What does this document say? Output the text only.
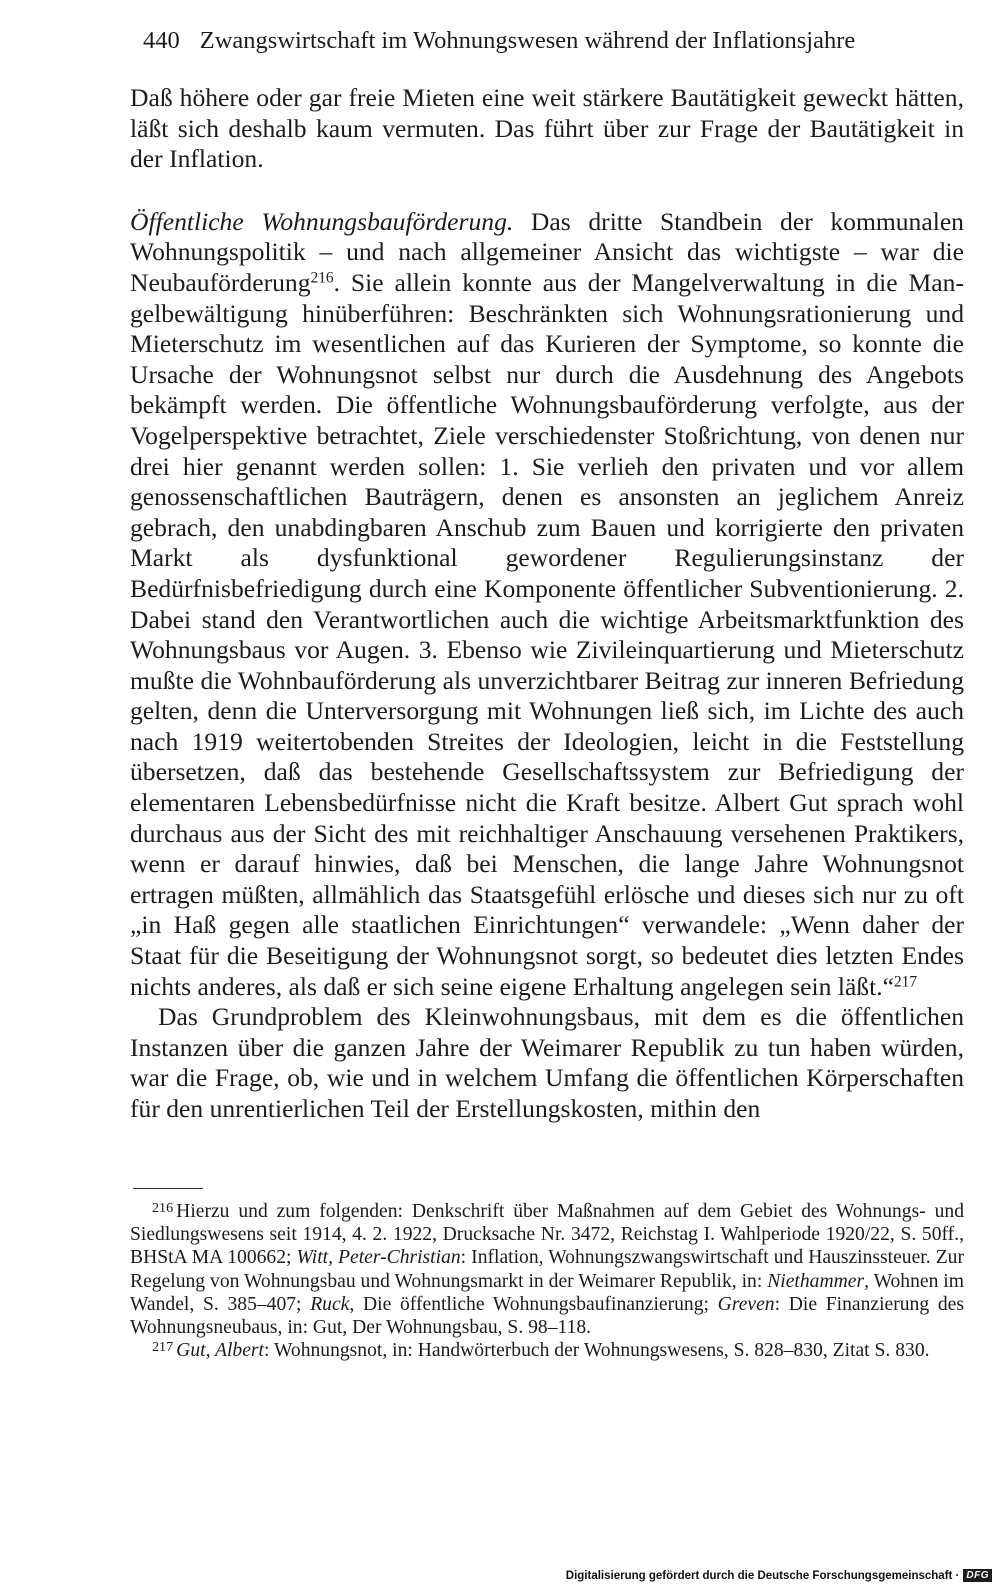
440 Zwangswirtschaft im Wohnungswesen während der Inflationsjahre

Daß höhere oder gar freie Mieten eine weit stärkere Bautätigkeit geweckt hätten, läßt sich deshalb kaum vermuten. Das führt über zur Frage der Bautätigkeit in der Inflation.

Öffentliche Wohnungsbauförderung. Das dritte Standbein der kommunalen Wohnungspolitik – und nach allgemeiner Ansicht das wichtigste – war die Neubauförderung$^{216}$. Sie allein konnte aus der Mangelverwaltung in die Mangelbewältigung hinüberführen: Beschränkten sich Wohnungsrationierung und Mieterschutz im wesentlichen auf das Kurieren der Symptome, so konnte die Ursache der Wohnungsnot selbst nur durch die Ausdehnung des Angebots bekämpft werden. Die öffentliche Wohnungsbauförderung verfolgte, aus der Vogelperspektive betrachtet, Ziele verschiedenster Stoßrichtung, von denen nur drei hier genannt werden sollen: 1. Sie verlieh den privaten und vor allem genossenschaftlichen Bauträgern, denen es ansonsten an jeglichem Anreiz gebrach, den unabdingbaren Anschub zum Bauen und korrigierte den privaten Markt als dysfunktional gewordener Regulierungsinstanz der Bedürfnisbefriedigung durch eine Komponente öffentlicher Subventionierung. 2. Dabei stand den Verantwortlichen auch die wichtige Arbeitsmarktfunktion des Wohnungsbaus vor Augen. 3. Ebenso wie Zivileinquartierung und Mieterschutz mußte die Wohnbauförderung als unverzichtbarer Beitrag zur inneren Befriedung gelten, denn die Unterversorgung mit Wohnungen ließ sich, im Lichte des auch nach 1919 weitertobenden Streites der Ideologien, leicht in die Feststellung übersetzen, daß das bestehende Gesellschaftssystem zur Befriedigung der elementaren Lebensbedürfnisse nicht die Kraft besitze. Albert Gut sprach wohl durchaus aus der Sicht des mit reichhaltiger Anschauung versehenen Praktikers, wenn er darauf hinwies, daß bei Menschen, die lange Jahre Wohnungsnot ertragen müßten, allmählich das Staatsgefühl erlösche und dieses sich nur zu oft „in Haß gegen alle staatlichen Einrichtungen“ verwandele: „Wenn daher der Staat für die Beseitigung der Wohnungsnot sorgt, so bedeutet dies letzten Endes nichts anderes, als daß er sich seine eigene Erhaltung angelegen sein läßt.“$^{217}$

Das Grundproblem des Kleinwohnungsbaus, mit dem es die öffentlichen Instanzen über die ganzen Jahre der Weimarer Republik zu tun haben würden, war die Frage, ob, wie und in welchem Umfang die öffentlichen Körperschaften für den unrentierlichen Teil der Erstellungskosten, mithin den

$^{216}$ Hierzu und zum folgenden: Denkschrift über Maßnahmen auf dem Gebiet des Wohnungs- und Siedlungswesens seit 1914, 4. 2. 1922, Drucksache Nr. 3472, Reichstag I. Wahlperiode 1920/22, S. 50ff., BHStA MA 100662; Witt, Peter-Christian: Inflation, Wohnungszwangswirtschaft und Hauszinssteuer. Zur Regelung von Wohnungsbau und Wohnungsmarkt in der Weimarer Republik, in: Niethammer, Wohnen im Wandel, S. 385–407; Ruck, Die öffentliche Wohnungsbaufinanzierung; Greven: Die Finanzierung des Wohnungsneubaus, in: Gut, Der Wohnungsbau, S. 98–118.

$^{217}$ Gut, Albert: Wohnungsnot, in: Handwörterbuch der Wohnungswesens, S. 828–830, Zitat S. 830.

Digitalisierung gefördert durch die Deutsche Forschungsgemeinschaft · DFG
